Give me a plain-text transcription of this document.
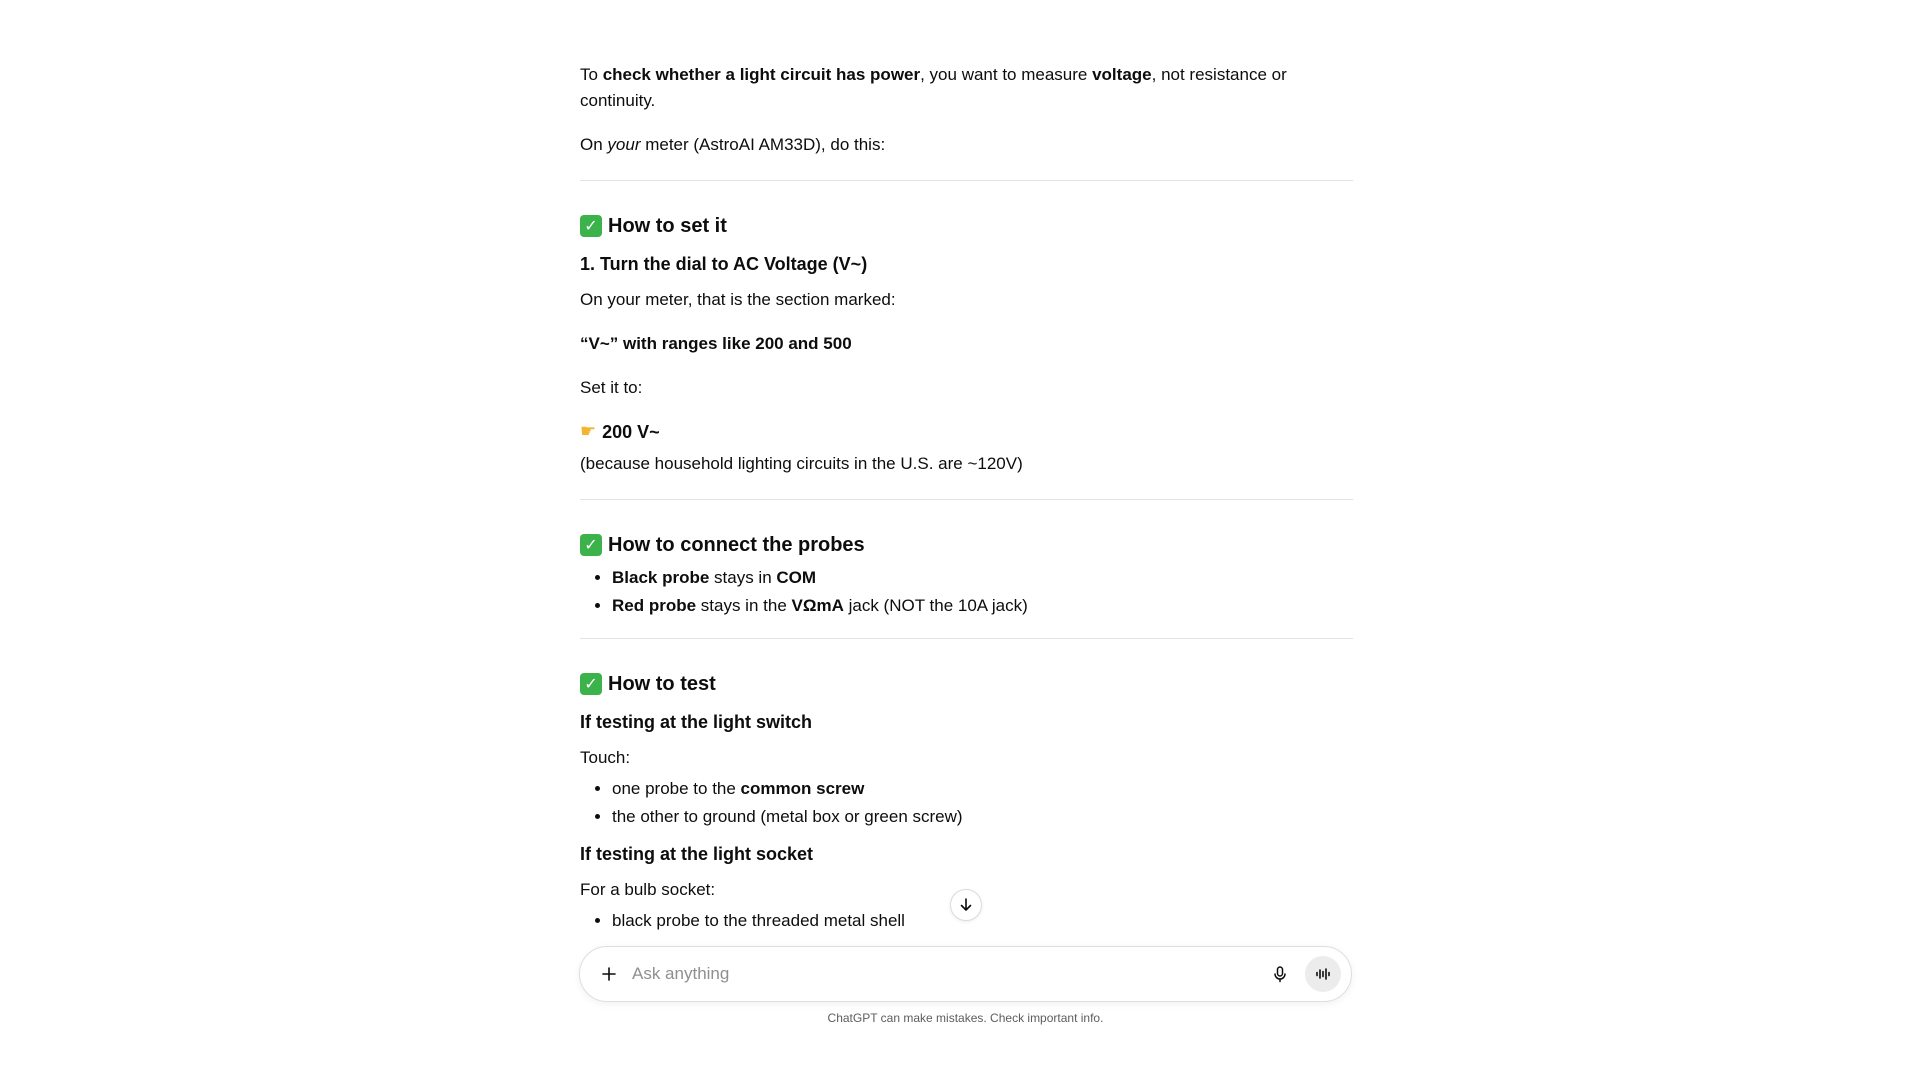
To check whether a light circuit has power, you want to measure voltage, not resistance or continuity.

On your meter (AstroAI AM33D), do this:

✓ How to set it
1. Turn the dial to AC Voltage (V~)

On your meter, that is the section marked:

“V~” with ranges like 200 and 500

Set it to:

☛ 200 V~

(because household lighting circuits in the U.S. are ~120V)

✓ How to connect the probes
• Black probe stays in COM
• Red probe stays in the VΩmA jack (NOT the 10A jack)
✓ How to test
If testing at the light switch

Touch:

• one probe to the common screw
• the other to ground (metal box or green screw)
If testing at the light socket

For a bulb socket:

• black probe to the threaded metal shell
Ask anything
ChatGPT can make mistakes. Check important info.
